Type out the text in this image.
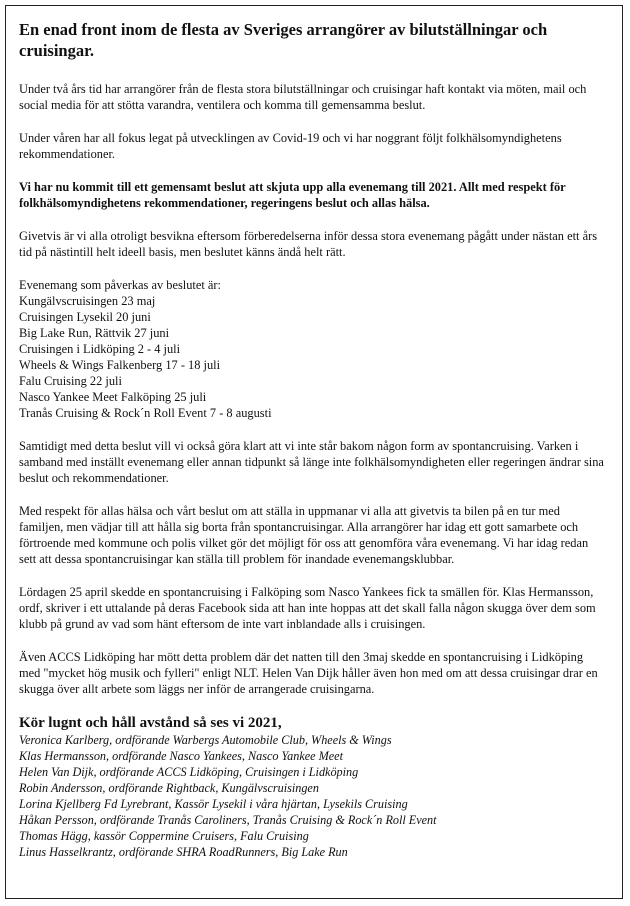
En enad front inom de flesta av Sveriges arrangörer av bilutställningar och cruisingar.

Under två års tid har arrangörer från de flesta stora bilutställningar och cruisingar haft kontakt via möten, mail och social media för att stötta varandra, ventilera och komma till gemensamma beslut.

Under våren har all fokus legat på utvecklingen av Covid-19 och vi har noggrant följt folkhälsomyndighetens rekommendationer.

Vi har nu kommit till ett gemensamt beslut att skjuta upp alla evenemang till 2021. Allt med respekt för folkhälsomyndighetens rekommendationer, regeringens beslut och allas hälsa.

Givetvis är vi alla otroligt besvikna eftersom förberedelserna inför dessa stora evenemang pågått under nästan ett års tid på nästintill helt ideell basis, men beslutet känns ändå helt rätt.

Evenemang som påverkas av beslutet är:
Kungälvscruisingen 23 maj
Cruisingen Lysekil 20 juni
Big Lake Run, Rättvik 27 juni
Cruisingen i Lidköping 2 - 4 juli
Wheels & Wings Falkenberg 17 - 18 juli
Falu Cruising 22 juli
Nasco Yankee Meet Falköping 25 juli
Tranås Cruising & Rock´n Roll Event 7 - 8 augusti

Samtidigt med detta beslut vill vi också göra klart att vi inte står bakom någon form av spontancruising. Varken i samband med inställt evenemang eller annan tidpunkt så länge inte folkhälsomyndigheten eller regeringen ändrar sina beslut och rekommendationer.

Med respekt för allas hälsa och vårt beslut om att ställa in uppmanar vi alla att givetvis ta bilen på en tur med familjen, men vädjar till att hålla sig borta från spontancruisingar. Alla arrangörer har idag ett gott samarbete och förtroende med kommune och polis vilket gör det möjligt för oss att genomföra våra evenemang. Vi har idag redan sett att dessa spontancruisingar kan ställa till problem för inandade evenemangsklubbar.

Lördagen 25 april skedde en spontancruising i Falköping som Nasco Yankees fick ta smällen för. Klas Hermansson, ordf, skriver i ett uttalande på deras Facebook sida att han inte hoppas att det skall falla någon skugga över dem som klubb på grund av vad som hänt eftersom de inte vart inblandade alls i cruisingen.

Även ACCS Lidköping har mött detta problem där det natten till den 3maj skedde en spontancruising i Lidköping med "mycket hög musik och fylleri" enligt NLT. Helen Van Dijk håller även hon med om att dessa cruisingar drar en skugga över allt arbete som läggs ner inför de arrangerade cruisingarna.

Kör lugnt och håll avstånd så ses vi 2021,
Veronica Karlberg, ordförande Warbergs Automobile Club, Wheels & Wings
Klas Hermansson, ordförande Nasco Yankees, Nasco Yankee Meet
Helen Van Dijk, ordförande ACCS Lidköping, Cruisingen i Lidköping
Robin Andersson, ordförande Rightback, Kungälvscruisingen
Lorina Kjellberg Fd Lyrebrant, Kassör Lysekil i våra hjärtan, Lysekils Cruising
Håkan Persson, ordförande Tranås Caroliners, Tranås Cruising & Rock´n Roll Event
Thomas Hägg, kassör Coppermine Cruisers, Falu Cruising
Linus Hasselkrantz, ordförande SHRA RoadRunners, Big Lake Run
